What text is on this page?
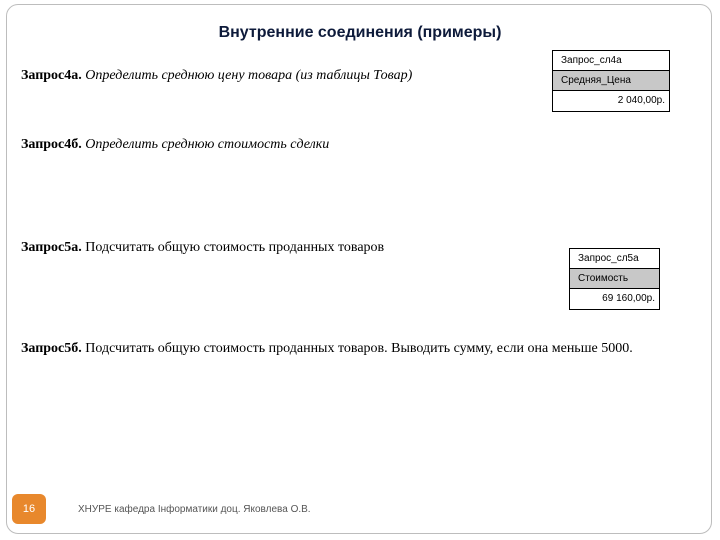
Внутренние соединения (примеры)
Запрос4а. Определить среднюю цену товара (из таблицы Товар)
Запрос_сл4а
Средняя_Цена
2 040,00р.
Запрос4б. Определить среднюю стоимость сделки
Запрос5а. Подсчитать общую стоимость проданных товаров
Запрос_сл5а
Стоимость
69 160,00р.
Запрос5б. Подсчитать общую стоимость проданных товаров. Выводить сумму, если она меньше 5000.
16	ХНУРЕ кафедра Інформатики доц. Яковлева О.В.
